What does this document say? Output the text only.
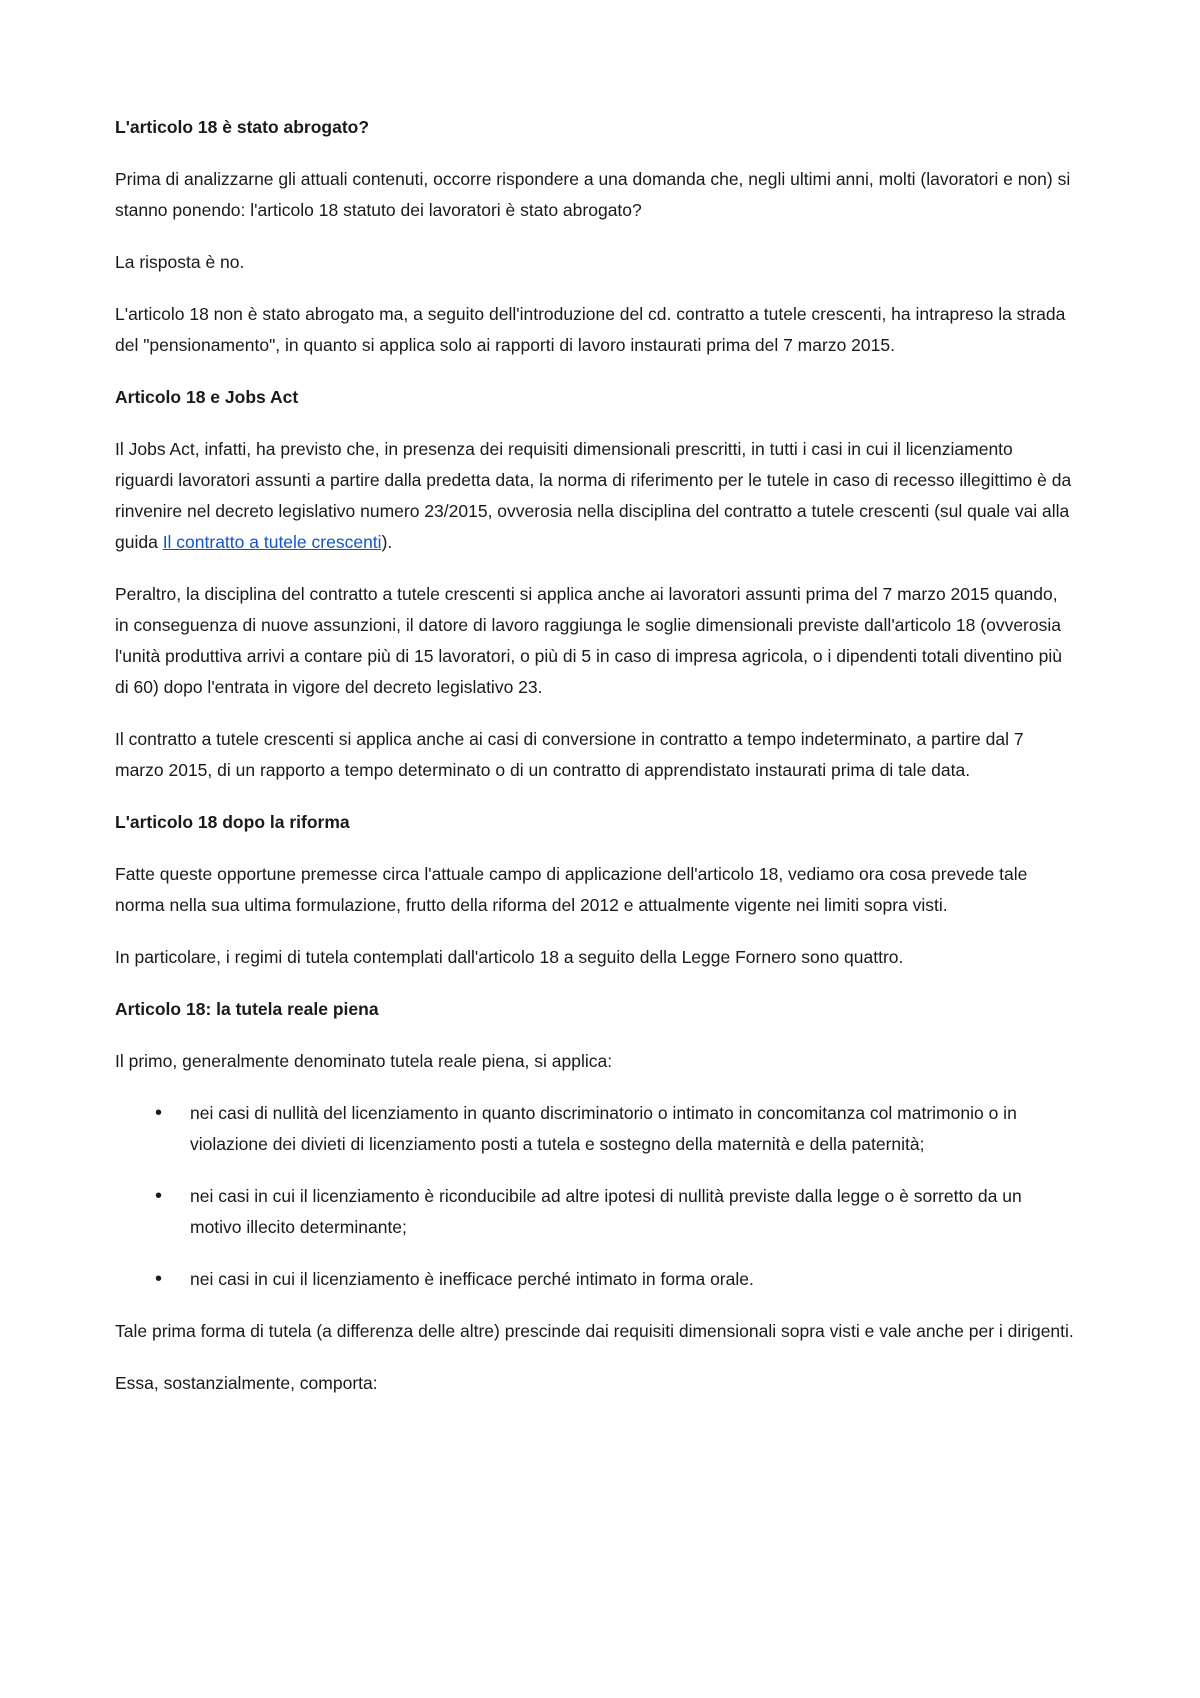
L'articolo 18 è stato abrogato?

Prima di analizzarne gli attuali contenuti, occorre rispondere a una domanda che, negli ultimi anni, molti (lavoratori e non) si stanno ponendo: l'articolo 18 statuto dei lavoratori è stato abrogato?

La risposta è no.

L'articolo 18 non è stato abrogato ma, a seguito dell'introduzione del cd. contratto a tutele crescenti, ha intrapreso la strada del "pensionamento", in quanto si applica solo ai rapporti di lavoro instaurati prima del 7 marzo 2015.

Articolo 18 e Jobs Act

Il Jobs Act, infatti, ha previsto che, in presenza dei requisiti dimensionali prescritti, in tutti i casi in cui il licenziamento riguardi lavoratori assunti a partire dalla predetta data, la norma di riferimento per le tutele in caso di recesso illegittimo è da rinvenire nel decreto legislativo numero 23/2015, ovverosia nella disciplina del contratto a tutele crescenti (sul quale vai alla guida Il contratto a tutele crescenti).

Peraltro, la disciplina del contratto a tutele crescenti si applica anche ai lavoratori assunti prima del 7 marzo 2015 quando, in conseguenza di nuove assunzioni, il datore di lavoro raggiunga le soglie dimensionali previste dall'articolo 18 (ovverosia l'unità produttiva arrivi a contare più di 15 lavoratori, o più di 5 in caso di impresa agricola, o i dipendenti totali diventino più di 60) dopo l'entrata in vigore del decreto legislativo 23.

Il contratto a tutele crescenti si applica anche ai casi di conversione in contratto a tempo indeterminato, a partire dal 7 marzo 2015, di un rapporto a tempo determinato o di un contratto di apprendistato instaurati prima di tale data.

L'articolo 18 dopo la riforma

Fatte queste opportune premesse circa l'attuale campo di applicazione dell'articolo 18, vediamo ora cosa prevede tale norma nella sua ultima formulazione, frutto della riforma del 2012 e attualmente vigente nei limiti sopra visti.

In particolare, i regimi di tutela contemplati dall'articolo 18 a seguito della Legge Fornero sono quattro.

Articolo 18: la tutela reale piena

Il primo, generalmente denominato tutela reale piena, si applica:

• nei casi di nullità del licenziamento in quanto discriminatorio o intimato in concomitanza col matrimonio o in violazione dei divieti di licenziamento posti a tutela e sostegno della maternità e della paternità;
• nei casi in cui il licenziamento è riconducibile ad altre ipotesi di nullità previste dalla legge o è sorretto da un motivo illecito determinante;
• nei casi in cui il licenziamento è inefficace perché intimato in forma orale.

Tale prima forma di tutela (a differenza delle altre) prescinde dai requisiti dimensionali sopra visti e vale anche per i dirigenti.

Essa, sostanzialmente, comporta:
